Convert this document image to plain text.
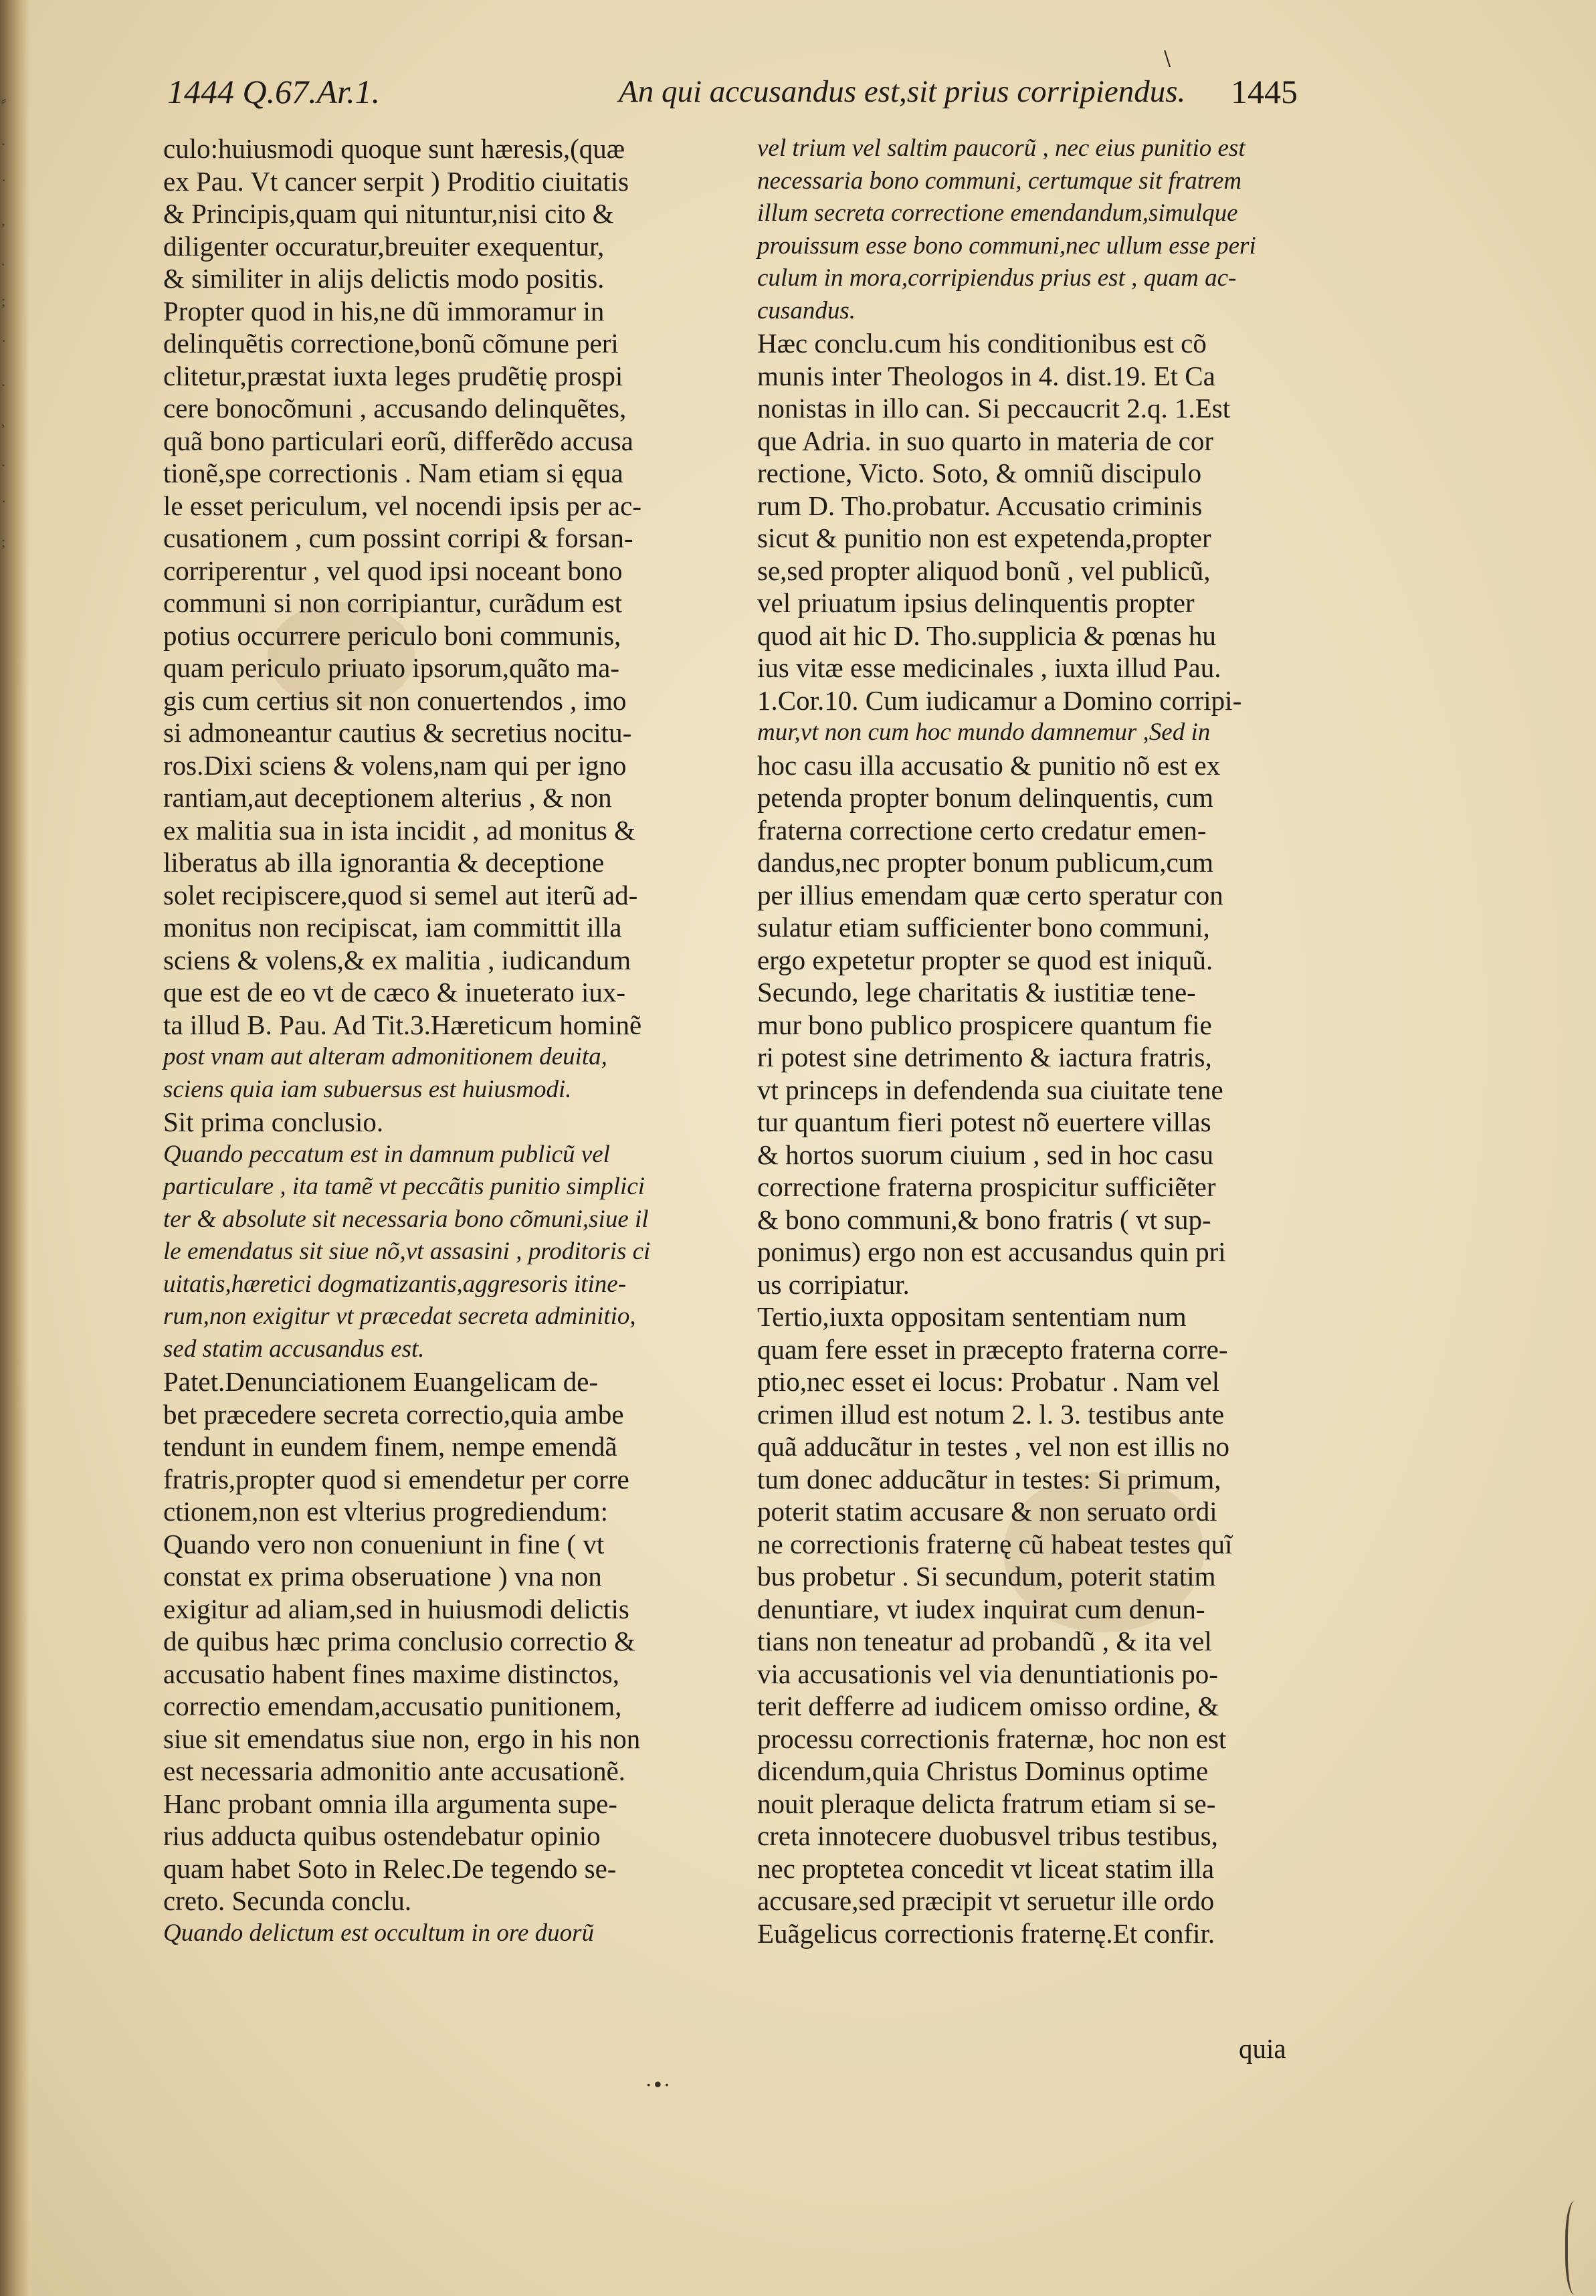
⸗
.
·
,
.
;
·
.
,
.
·
;
1444 Q.67.Ar.1.	An qui accusandus est,sit prius corripiendus. 1445
culo:huiusmodi quoque sunt hæresis,(quæ
ex Pau. Vt cancer serpit ) Proditio ciuitatis
& Principis,quam qui nituntur,nisi cito &
diligenter occuratur,breuiter exequentur,
& similiter in alijs delictis modo positis.
Propter quod in his,ne dũ immoramur in
delinquẽtis correctione,bonũ cõmune peri
clitetur,præstat iuxta leges prudẽtię prospi
cere bonocõmuni , accusando delinquẽtes,
quã bono particulari eorũ, differẽdo accusa
tionẽ,spe correctionis . Nam etiam si ęqua
le esset periculum, vel nocendi ipsis per ac-
cusationem , cum possint corripi & forsan-
corriperentur , vel quod ipsi noceant bono
communi si non corripiantur, curãdum est
potius occurrere periculo boni communis,
quam periculo priuato ipsorum,quãto ma-
gis cum certius sit non conuertendos , imo
si admoneantur cautius & secretius nocitu-
ros.Dixi sciens & volens,nam qui per igno
rantiam,aut deceptionem alterius , & non
ex malitia sua in ista incidit , ad monitus &
liberatus ab illa ignorantia & deceptione
solet recipiscere,quod si semel aut iterũ ad-
monitus non recipiscat, iam committit illa
sciens & volens,& ex malitia , iudicandum
que est de eo vt de cæco & inueterato iux-
ta illud B. Pau. Ad Tit.3.Hæreticum hominẽ
post vnam aut alteram admonitionem deuita,
sciens quia iam subuersus est huiusmodi.
Sit prima conclusio.
Quando peccatum est in damnum publicũ vel
particulare , ita tamẽ vt peccãtis punitio simplici
ter & absolute sit necessaria bono cõmuni,siue il
le emendatus sit siue nõ,vt assasini , proditoris ci
uitatis,hæretici dogmatizantis,aggresoris itine-
rum,non exigitur vt præcedat secreta adminitio,
sed statim accusandus est.
Patet.Denunciationem Euangelicam de-
bet præcedere secreta correctio,quia ambe
tendunt in eundem finem, nempe emendã
fratris,propter quod si emendetur per corre
ctionem,non est vlterius progrediendum:
Quando vero non conueniunt in fine ( vt
constat ex prima obseruatione ) vna non
exigitur ad aliam,sed in huiusmodi delictis
de quibus hæc prima conclusio correctio &
accusatio habent fines maxime distinctos,
correctio emendam,accusatio punitionem,
siue sit emendatus siue non, ergo in his non
est necessaria admonitio ante accusationẽ.
Hanc probant omnia illa argumenta supe-
rius adducta quibus ostendebatur opinio
quam habet Soto in Relec.De tegendo se-
creto. Secunda conclu.
Quando delictum est occultum in ore duorũ
vel trium vel saltim paucorũ , nec eius punitio est
necessaria bono communi, certumque sit fratrem
illum secreta correctione emendandum,simulque
prouissum esse bono communi,nec ullum esse peri
culum in mora,corripiendus prius est , quam ac-
cusandus.
Hæc conclu.cum his conditionibus est cõ
munis inter Theologos in 4. dist.19. Et Ca
nonistas in illo can. Si peccaucrit 2.q. 1.Est
que Adria. in suo quarto in materia de cor
rectione, Victo. Soto, & omniũ discipulo
rum D. Tho.probatur. Accusatio criminis
sicut & punitio non est expetenda,propter
se,sed propter aliquod bonũ , vel publicũ,
vel priuatum ipsius delinquentis propter
quod ait hic D. Tho.supplicia & pœnas hu
ius vitæ esse medicinales , iuxta illud Pau.
1.Cor.10. Cum iudicamur a Domino corripi-
mur,vt non cum hoc mundo damnemur ,Sed in
hoc casu illa accusatio & punitio nõ est ex
petenda propter bonum delinquentis, cum
fraterna correctione certo credatur emen-
dandus,nec propter bonum publicum,cum
per illius emendam quæ certo speratur con
sulatur etiam sufficienter bono communi,
ergo expetetur propter se quod est iniquũ.
Secundo, lege charitatis & iustitiæ tene-
mur bono publico prospicere quantum fie
ri potest sine detrimento & iactura fratris,
vt princeps in defendenda sua ciuitate tene
tur quantum fieri potest nõ euertere villas
& hortos suorum ciuium , sed in hoc casu
correctione fraterna prospicitur sufficiẽter
& bono communi,& bono fratris ( vt sup-
ponimus) ergo non est accusandus quin pri
us corripiatur.
Tertio,iuxta oppositam sententiam num
quam fere esset in præcepto fraterna corre-
ptio,nec esset ei locus: Probatur . Nam vel
crimen illud est notum 2. l. 3. testibus ante
quã adducãtur in testes , vel non est illis no
tum donec adducãtur in testes: Si primum,
poterit statim accusare & non seruato ordi
ne correctionis fraternę cũ habeat testes quĩ
bus probetur . Si secundum, poterit statim
denuntiare, vt iudex inquirat cum denun-
tians non teneatur ad probandũ , & ita vel
via accusationis vel via denuntiationis po-
terit defferre ad iudicem omisso ordine, &
processu correctionis fraternæ, hoc non est
dicendum,quia Christus Dominus optime
nouit pleraque delicta fratrum etiam si se-
creta innotecere duobusvel tribus testibus,
nec proptetea concedit vt liceat statim illa
accusare,sed præcipit vt seruetur ille ordo
Euãgelicus correctionis fraternę.Et confir.
quia
\
·•·
